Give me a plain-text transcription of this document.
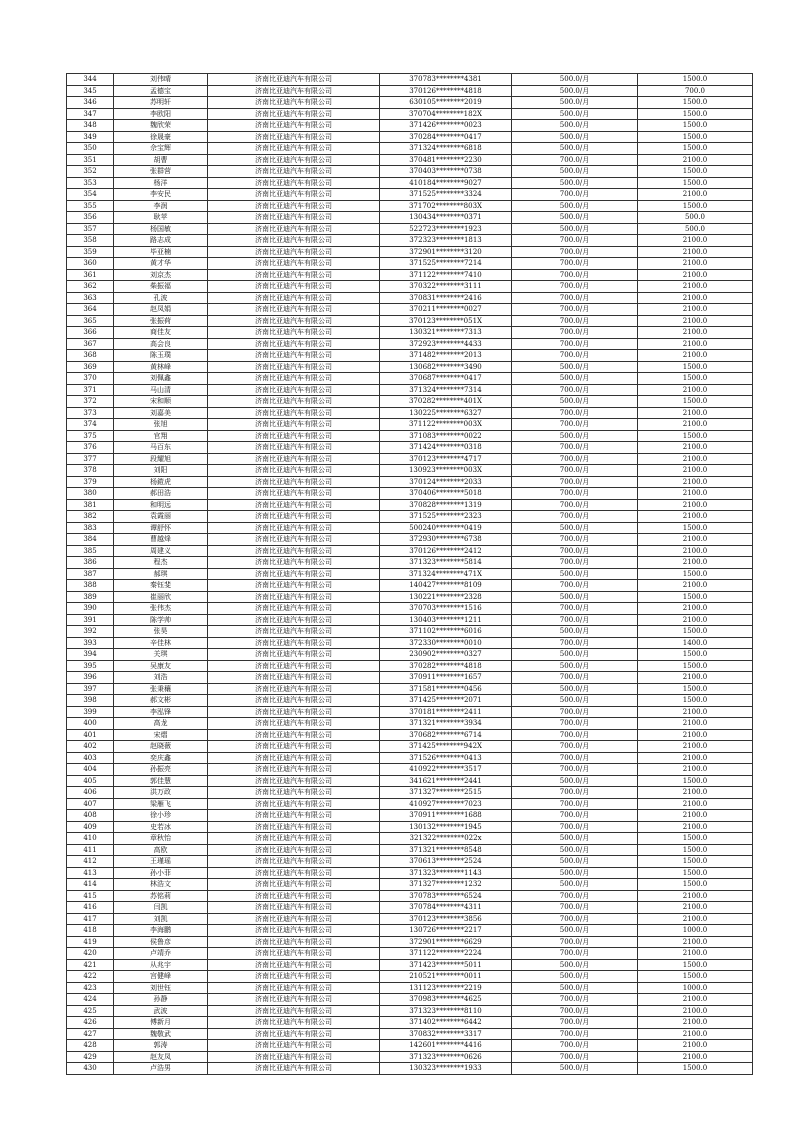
344	刘伟晴	济南比亚迪汽车有限公司	370783********4381	500.0/月	1500.0
345	孟德宝	济南比亚迪汽车有限公司	370126********4818	500.0/月	700.0
346	苏明轩	济南比亚迪汽车有限公司	630105********2019	500.0/月	1500.0
347	李欧阳	济南比亚迪汽车有限公司	370704********182X	500.0/月	1500.0
348	魏欣荣	济南比亚迪汽车有限公司	371426********0023	500.0/月	1500.0
349	徐晟豪	济南比亚迪汽车有限公司	370284********0417	500.0/月	1500.0
350	佘宝辉	济南比亚迪汽车有限公司	371324********6818	500.0/月	1500.0
351	胡曹	济南比亚迪汽车有限公司	370481********2230	700.0/月	2100.0
352	张群营	济南比亚迪汽车有限公司	370403********0738	500.0/月	1500.0
353	杨洋	济南比亚迪汽车有限公司	410184********9027	500.0/月	1500.0
354	李安民	济南比亚迪汽车有限公司	371525********3324	700.0/月	2100.0
355	李润	济南比亚迪汽车有限公司	371702********803X	500.0/月	1500.0
356	耿苹	济南比亚迪汽车有限公司	130434********0371	500.0/月	500.0
357	杨国敏	济南比亚迪汽车有限公司	522723********1923	500.0/月	500.0
358	路志成	济南比亚迪汽车有限公司	372323********1813	700.0/月	2100.0
359	毕亚楠	济南比亚迪汽车有限公司	372901********3120	700.0/月	2100.0
360	黄才华	济南比亚迪汽车有限公司	371525********7214	700.0/月	2100.0
361	刘京杰	济南比亚迪汽车有限公司	371122********7410	700.0/月	2100.0
362	柴振福	济南比亚迪汽车有限公司	370322********3111	700.0/月	2100.0
363	孔波	济南比亚迪汽车有限公司	370831********2416	700.0/月	2100.0
364	赵凤娟	济南比亚迪汽车有限公司	370211********0027	700.0/月	2100.0
365	张振荷	济南比亚迪汽车有限公司	370123********051X	700.0/月	2100.0
366	商佳友	济南比亚迪汽车有限公司	130321********7313	700.0/月	2100.0
367	高会良	济南比亚迪汽车有限公司	372923********4433	700.0/月	2100.0
368	陈玉璞	济南比亚迪汽车有限公司	371482********2013	700.0/月	2100.0
369	黄林峰	济南比亚迪汽车有限公司	130682********3490	500.0/月	1500.0
370	刘佩鑫	济南比亚迪汽车有限公司	370687********0417	500.0/月	1500.0
371	马山清	济南比亚迪汽车有限公司	371324********7314	700.0/月	2100.0
372	宋和顺	济南比亚迪汽车有限公司	370282********401X	500.0/月	1500.0
373	刘嘉美	济南比亚迪汽车有限公司	130225********6327	700.0/月	2100.0
374	张旭	济南比亚迪汽车有限公司	371122********003X	700.0/月	2100.0
375	官翔	济南比亚迪汽车有限公司	371083********0022	500.0/月	1500.0
376	马百东	济南比亚迪汽车有限公司	371424********0318	700.0/月	2100.0
377	段耀旭	济南比亚迪汽车有限公司	370123********4717	700.0/月	2100.0
378	刘阳	济南比亚迪汽车有限公司	130923********003X	700.0/月	2100.0
379	杨鎧虎	济南比亚迪汽车有限公司	370124********2033	700.0/月	2100.0
380	郝田浩	济南比亚迪汽车有限公司	370406********5018	700.0/月	2100.0
381	和明远	济南比亚迪汽车有限公司	370828********1319	700.0/月	2100.0
382	袁霞丽	济南比亚迪汽车有限公司	371525********2323	700.0/月	2100.0
383	谭舒怀	济南比亚迪汽车有限公司	500240********0419	500.0/月	1500.0
384	曹越烽	济南比亚迪汽车有限公司	372930********6738	700.0/月	2100.0
385	周建义	济南比亚迪汽车有限公司	370126********2412	700.0/月	2100.0
386	程杰	济南比亚迪汽车有限公司	371323********5814	700.0/月	2100.0
387	郝琪	济南比亚迪汽车有限公司	371324********471X	500.0/月	1500.0
388	秦钰斐	济南比亚迪汽车有限公司	140427********8109	700.0/月	2100.0
389	崔丽欣	济南比亚迪汽车有限公司	130221********2328	500.0/月	1500.0
390	张伟杰	济南比亚迪汽车有限公司	370703********1516	700.0/月	2100.0
391	陈学帅	济南比亚迪汽车有限公司	130403********1211	700.0/月	2100.0
392	张昊	济南比亚迪汽车有限公司	371102********6016	500.0/月	1500.0
393	辛佳林	济南比亚迪汽车有限公司	372330********0010	700.0/月	1400.0
394	关琪	济南比亚迪汽车有限公司	230902********0327	500.0/月	1500.0
395	吴康友	济南比亚迪汽车有限公司	370282********4818	500.0/月	1500.0
396	刘浩	济南比亚迪汽车有限公司	370911********1657	700.0/月	2100.0
397	张秉穰	济南比亚迪汽车有限公司	371581********0456	500.0/月	1500.0
398	郝文彬	济南比亚迪汽车有限公司	371425********2071	500.0/月	1500.0
399	李泓锋	济南比亚迪汽车有限公司	370181********2411	700.0/月	2100.0
400	高龙	济南比亚迪汽车有限公司	371321********3934	700.0/月	2100.0
401	宋熠	济南比亚迪汽车有限公司	370682********6714	700.0/月	2100.0
402	赵晓薇	济南比亚迪汽车有限公司	371425********942X	700.0/月	2100.0
403	奕庆鑫	济南比亚迪汽车有限公司	371526********0413	700.0/月	2100.0
404	孙振亮	济南比亚迪汽车有限公司	410922********3517	700.0/月	2100.0
405	郭佳慧	济南比亚迪汽车有限公司	341621********2441	500.0/月	1500.0
406	洪万政	济南比亚迪汽车有限公司	371327********2515	700.0/月	2100.0
407	梁雁飞	济南比亚迪汽车有限公司	410927********7023	700.0/月	2100.0
408	徐小珍	济南比亚迪汽车有限公司	370911********1688	700.0/月	2100.0
409	史若冰	济南比亚迪汽车有限公司	130132********1945	700.0/月	2100.0
410	章秋怡	济南比亚迪汽车有限公司	321322********022x	500.0/月	1500.0
411	高欧	济南比亚迪汽车有限公司	371321********8548	500.0/月	1500.0
412	王瑾瑶	济南比亚迪汽车有限公司	370613********2524	500.0/月	1500.0
413	孙小菲	济南比亚迪汽车有限公司	371323********1143	500.0/月	1500.0
414	林浩文	济南比亚迪汽车有限公司	371327********1232	500.0/月	1500.0
415	苏铭莉	济南比亚迪汽车有限公司	370783********6524	700.0/月	2100.0
416	闫凯	济南比亚迪汽车有限公司	370784********4311	700.0/月	2100.0
417	刘凯	济南比亚迪汽车有限公司	370123********3856	700.0/月	2100.0
418	李海鹏	济南比亚迪汽车有限公司	130726********2217	500.0/月	1000.0
419	侯鲁彦	济南比亚迪汽车有限公司	372901********6629	700.0/月	2100.0
420	卢靖乔	济南比亚迪汽车有限公司	371122********2224	700.0/月	2100.0
421	从兆宇	济南比亚迪汽车有限公司	371423********5011	500.0/月	1500.0
422	宫健峰	济南比亚迪汽车有限公司	210521********0011	500.0/月	1500.0
423	刘世钰	济南比亚迪汽车有限公司	131123********2219	500.0/月	1000.0
424	孙静	济南比亚迪汽车有限公司	370983********4625	700.0/月	2100.0
425	武波	济南比亚迪汽车有限公司	371323********8110	700.0/月	2100.0
426	傅新月	济南比亚迪汽车有限公司	371402********6442	700.0/月	2100.0
427	魏敬武	济南比亚迪汽车有限公司	370832********3317	700.0/月	2100.0
428	郭涛	济南比亚迪汽车有限公司	142601********4416	700.0/月	2100.0
429	赵友凤	济南比亚迪汽车有限公司	371323********0626	700.0/月	2100.0
430	卢浩男	济南比亚迪汽车有限公司	130323********1933	500.0/月	1500.0
